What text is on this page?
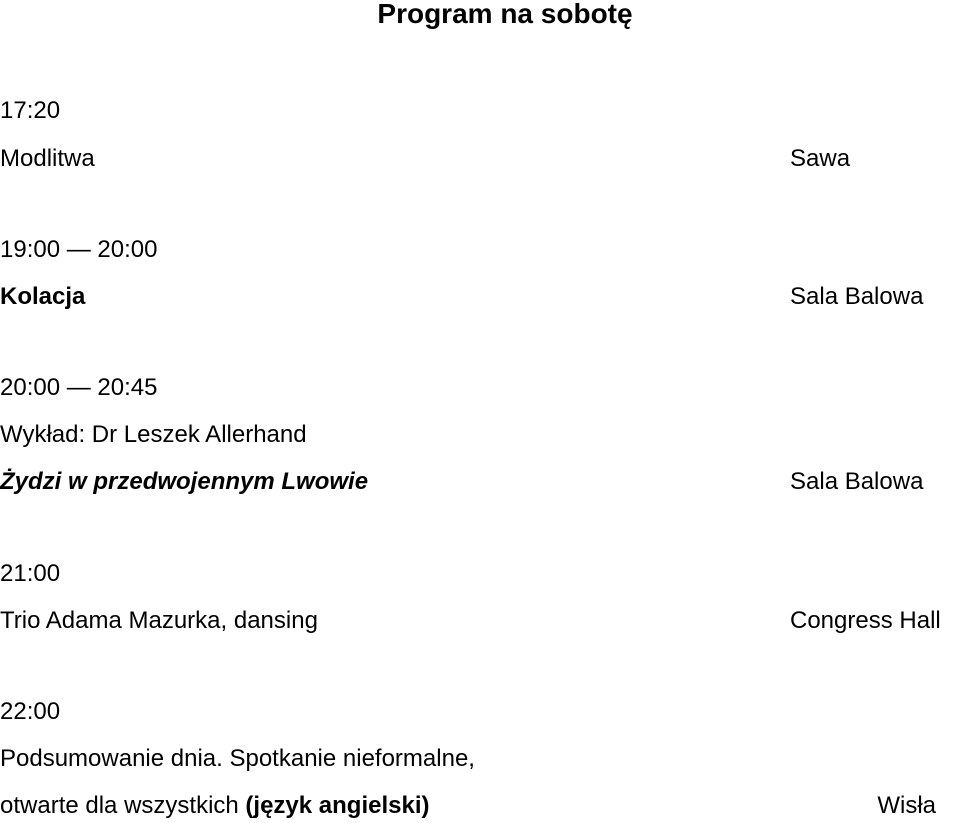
Program na sobotę
17:20
Modlitwa	Sawa
19:00 — 20:00
Kolacja	Sala Balowa
20:00 — 20:45
Wykład: Dr Leszek Allerhand
Żydzi w przedwojennym Lwowie	Sala Balowa
21:00
Trio Adama Mazurka, dansing	Congress Hall
22:00
Podsumowanie dnia. Spotkanie nieformalne,
otwarte dla wszystkich (język angielski)	Wisła
